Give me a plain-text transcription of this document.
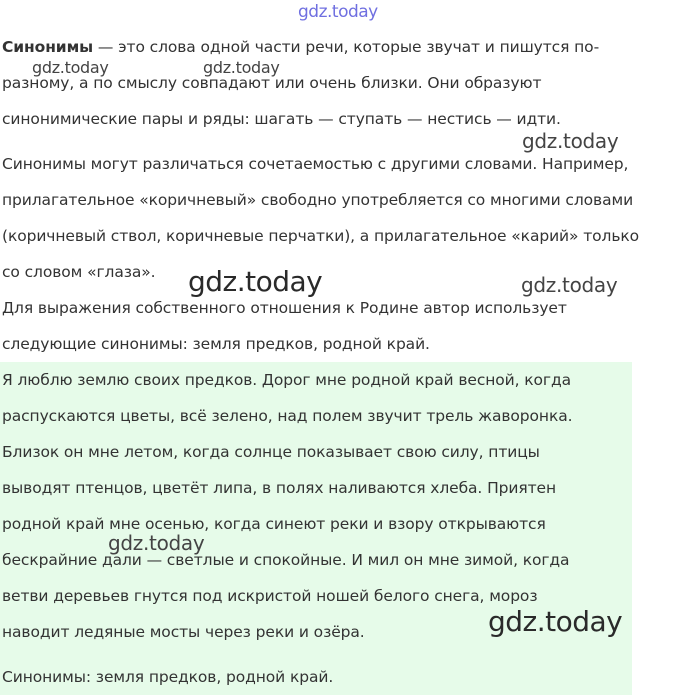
Синонимы — это слова одной части речи, которые звучат и пишутся по-
разному, а по смыслу совпадают или очень близки. Они образуют
синонимические пары и ряды: шагать — ступать — нестись — идти.
Синонимы могут различаться сочетаемостью с другими словами. Например,
прилагательное «коричневый» свободно употребляется со многими словами
(коричневый ствол, коричневые перчатки), а прилагательное «карий» только
со словом «глаза».
Для выражения собственного отношения к Родине автор использует
следующие синонимы: земля предков, родной край.
Я люблю землю своих предков. Дорог мне родной край весной, когда
распускаются цветы, всё зелено, над полем звучит трель жаворонка.
Близок он мне летом, когда солнце показывает свою силу, птицы
выводят птенцов, цветёт липа, в полях наливаются хлеба. Приятен
родной край мне осенью, когда синеют реки и взору открываются
бескрайние дали — светлые и спокойные. И мил он мне зимой, когда
ветви деревьев гнутся под искристой ношей белого снега, мороз
наводит ледяные мосты через реки и озёра.
Синонимы: земля предков, родной край.
gdz.today
gdz.today	gdz.today
gdz.today
gdz.today	gdz.today
gdz.today
gdz.today
